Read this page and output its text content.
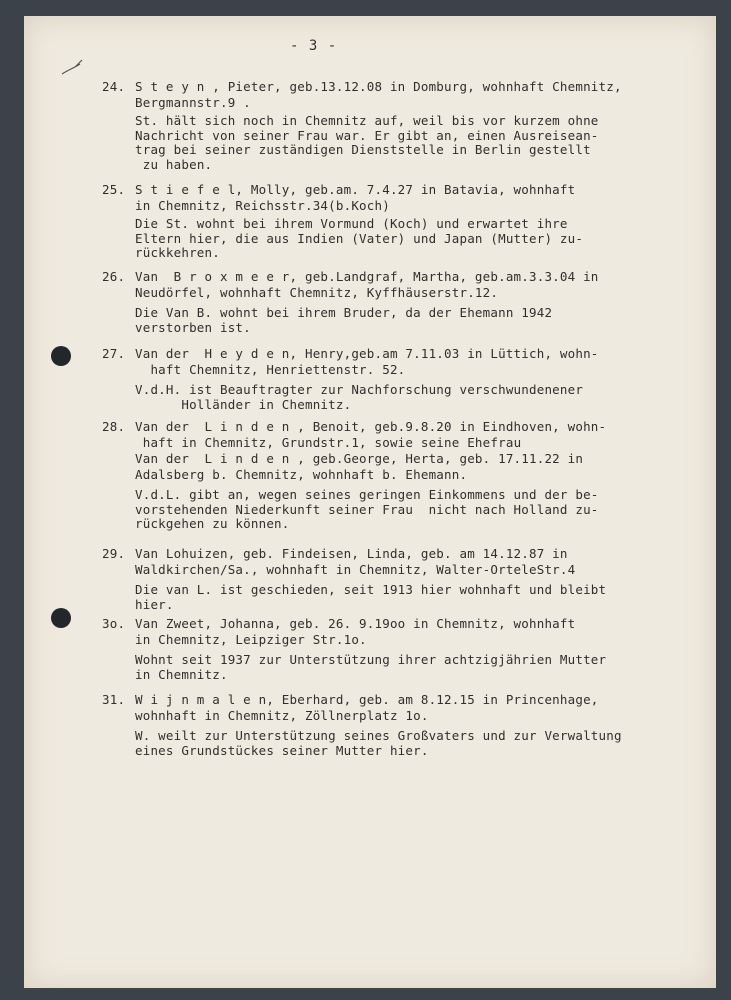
- 3 -
24. S t e y n , Pieter, geb.13.12.08 in Domburg, wohnhaft Chemnitz,
Bergmannstr.9 .
St. hält sich noch in Chemnitz auf, weil bis vor kurzem ohne
Nachricht von seiner Frau war. Er gibt an, einen Ausreisean-
trag bei seiner zuständigen Dienststelle in Berlin gestellt
zu haben.
25. S t i e f e l, Molly, geb.am. 7.4.27 in Batavia, wohnhaft
in Chemnitz, Reichsstr.34(b.Koch)
Die St. wohnt bei ihrem Vormund (Koch) und erwartet ihre
Eltern hier, die aus Indien (Vater) und Japan (Mutter) zu-
rückkehren.
26. Van  B r o x m e e r, geb.Landgraf, Martha, geb.am.3.3.04 in
Neudörfel, wohnhaft Chemnitz, Kyffhäuserstr.12.
Die Van B. wohnt bei ihrem Bruder, da der Ehemann 1942
verstorben ist.
27. Van der  H e y d e n, Henry,geb.am 7.11.03 in Lüttich, wohn-
haft Chemnitz, Henriettenstr. 52.
V.d.H. ist Beauftragter zur Nachforschung verschwundenener
Holländer in Chemnitz.
28. Van der  L i n d e n , Benoit, geb.9.8.20 in Eindhoven, wohn-
haft in Chemnitz, Grundstr.1, sowie seine Ehefrau
Van der  L i n d e n , geb.George, Herta, geb. 17.11.22 in
Adalsberg b. Chemnitz, wohnhaft b. Ehemann.
V.d.L. gibt an, wegen seines geringen Einkommens und der be-
vorstehenden Niederkunft seiner Frau  nicht nach Holland zu-
rückgehen zu können.
29. Van Lohuizen, geb. Findeisen, Linda, geb. am 14.12.87 in
Waldkirchen/Sa., wohnhaft in Chemnitz, Walter-OrteleStr.4
Die van L. ist geschieden, seit 1913 hier wohnhaft und bleibt
hier.
3o. Van Zweet, Johanna, geb. 26. 9.19oo in Chemnitz, wohnhaft
in Chemnitz, Leipziger Str.1o.
Wohnt seit 1937 zur Unterstützung ihrer achtzigjährien Mutter
in Chemnitz.
31. W i j n m a l e n, Eberhard, geb. am 8.12.15 in Princenhage,
wohnhaft in Chemnitz, Zöllnerplatz 1o.
W. weilt zur Unterstützung seines Großvaters und zur Verwaltung
eines Grundstückes seiner Mutter hier.
